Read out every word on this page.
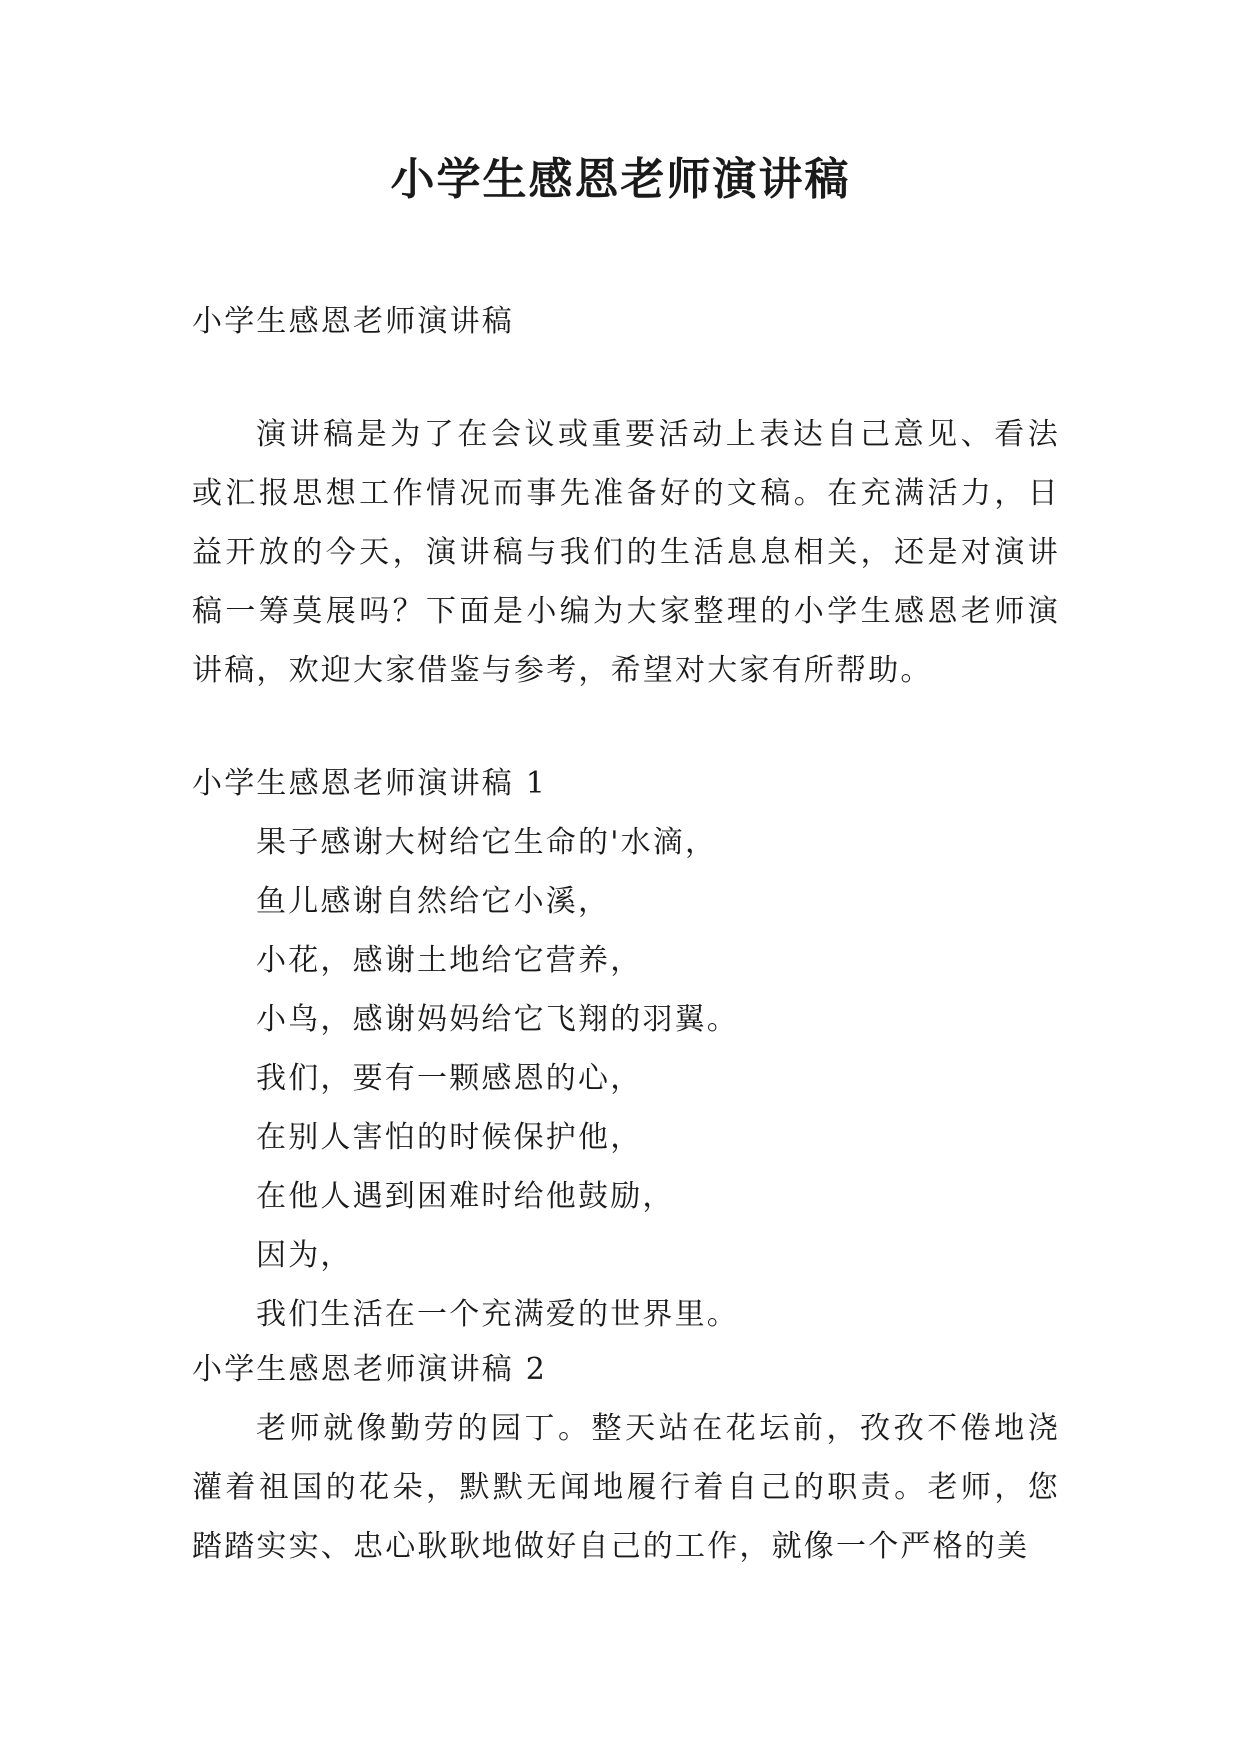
小学生感恩老师演讲稿

小学生感恩老师演讲稿

演讲稿是为了在会议或重要活动上表达自己意见、看法或汇报思想工作情况而事先准备好的文稿。在充满活力，日益开放的今天，演讲稿与我们的生活息息相关，还是对演讲稿一筹莫展吗？下面是小编为大家整理的小学生感恩老师演讲稿，欢迎大家借鉴与参考，希望对大家有所帮助。

小学生感恩老师演讲稿 1
果子感谢大树给它生命的'水滴，
鱼儿感谢自然给它小溪，
小花，感谢土地给它营养，
小鸟，感谢妈妈给它飞翔的羽翼。
我们，要有一颗感恩的心，
在别人害怕的时候保护他，
在他人遇到困难时给他鼓励，
因为，
我们生活在一个充满爱的世界里。
小学生感恩老师演讲稿 2

老师就像勤劳的园丁。整天站在花坛前，孜孜不倦地浇灌着祖国的花朵，默默无闻地履行着自己的职责。老师，您踏踏实实、忠心耿耿地做好自己的工作，就像一个严格的美
